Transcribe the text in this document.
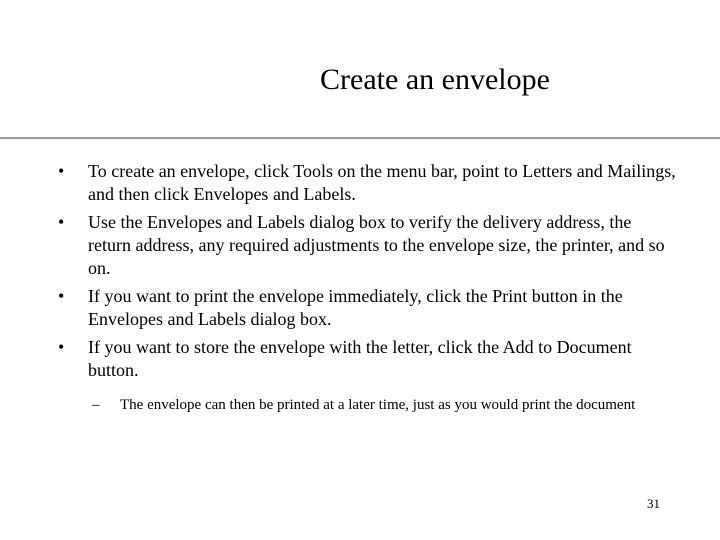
Create an envelope
• To create an envelope, click Tools on the menu bar, point to Letters and Mailings, and then click Envelopes and Labels.
• Use the Envelopes and Labels dialog box to verify the delivery address, the return address, any required adjustments to the envelope size, the printer, and so on.
• If you want to print the envelope immediately, click the Print button in the Envelopes and Labels dialog box.
• If you want to store the envelope with the letter, click the Add to Document button.
– The envelope can then be printed at a later time, just as you would print the document
31
